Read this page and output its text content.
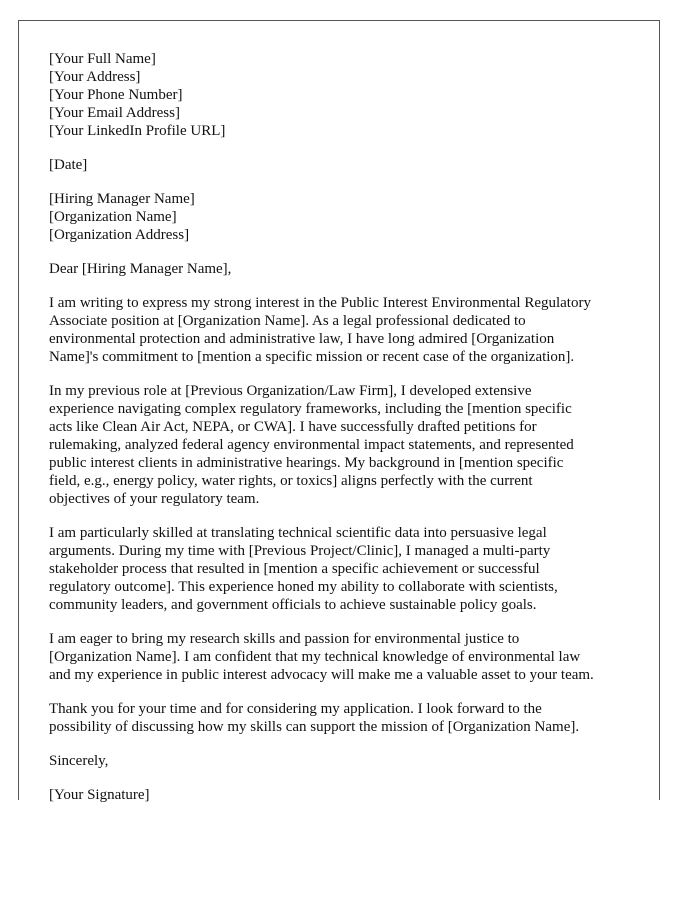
[Your Full Name]
[Your Address]
[Your Phone Number]
[Your Email Address]
[Your LinkedIn Profile URL]
[Date]
[Hiring Manager Name]
[Organization Name]
[Organization Address]
Dear [Hiring Manager Name],

I am writing to express my strong interest in the Public Interest Environmental Regulatory
Associate position at [Organization Name]. As a legal professional dedicated to
environmental protection and administrative law, I have long admired [Organization
Name]'s commitment to [mention a specific mission or recent case of the organization].

In my previous role at [Previous Organization/Law Firm], I developed extensive
experience navigating complex regulatory frameworks, including the [mention specific
acts like Clean Air Act, NEPA, or CWA]. I have successfully drafted petitions for
rulemaking, analyzed federal agency environmental impact statements, and represented
public interest clients in administrative hearings. My background in [mention specific
field, e.g., energy policy, water rights, or toxics] aligns perfectly with the current
objectives of your regulatory team.

I am particularly skilled at translating technical scientific data into persuasive legal
arguments. During my time with [Previous Project/Clinic], I managed a multi-party
stakeholder process that resulted in [mention a specific achievement or successful
regulatory outcome]. This experience honed my ability to collaborate with scientists,
community leaders, and government officials to achieve sustainable policy goals.

I am eager to bring my research skills and passion for environmental justice to
[Organization Name]. I am confident that my technical knowledge of environmental law
and my experience in public interest advocacy will make me a valuable asset to your team.

Thank you for your time and for considering my application. I look forward to the
possibility of discussing how my skills can support the mission of [Organization Name].

Sincerely,
[Your Signature]
